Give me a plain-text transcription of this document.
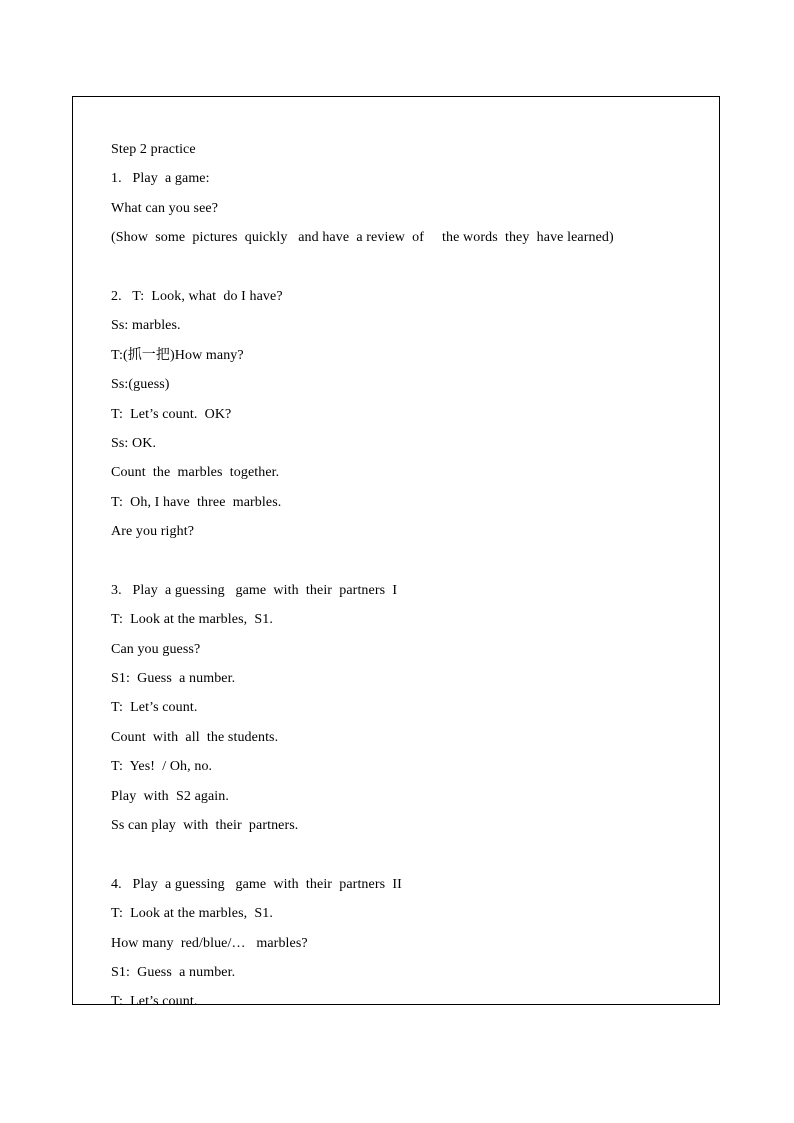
Step 2 practice
1.   Play  a game:
What can you see?
(Show  some  pictures  quickly   and have  a review  of     the words  they  have learned)
2.   T:  Look, what  do I have?
Ss: marbles.
T:(抓一把)How many?
Ss:(guess)
T:  Let’s count.  OK?
Ss: OK.
Count  the  marbles  together.
T:  Oh, I have  three  marbles.
Are you right?
3.   Play  a guessing   game  with  their  partners  I
T:  Look at the marbles,  S1.
Can you guess?
S1:  Guess  a number.
T:  Let’s count.
Count  with  all  the students.
T:  Yes!  / Oh, no.
Play  with  S2 again.
Ss can play  with  their  partners.
4.   Play  a guessing   game  with  their  partners  II
T:  Look at the marbles,  S1.
How many  red/blue/…   marbles?
S1:  Guess  a number.
T:  Let’s count.
